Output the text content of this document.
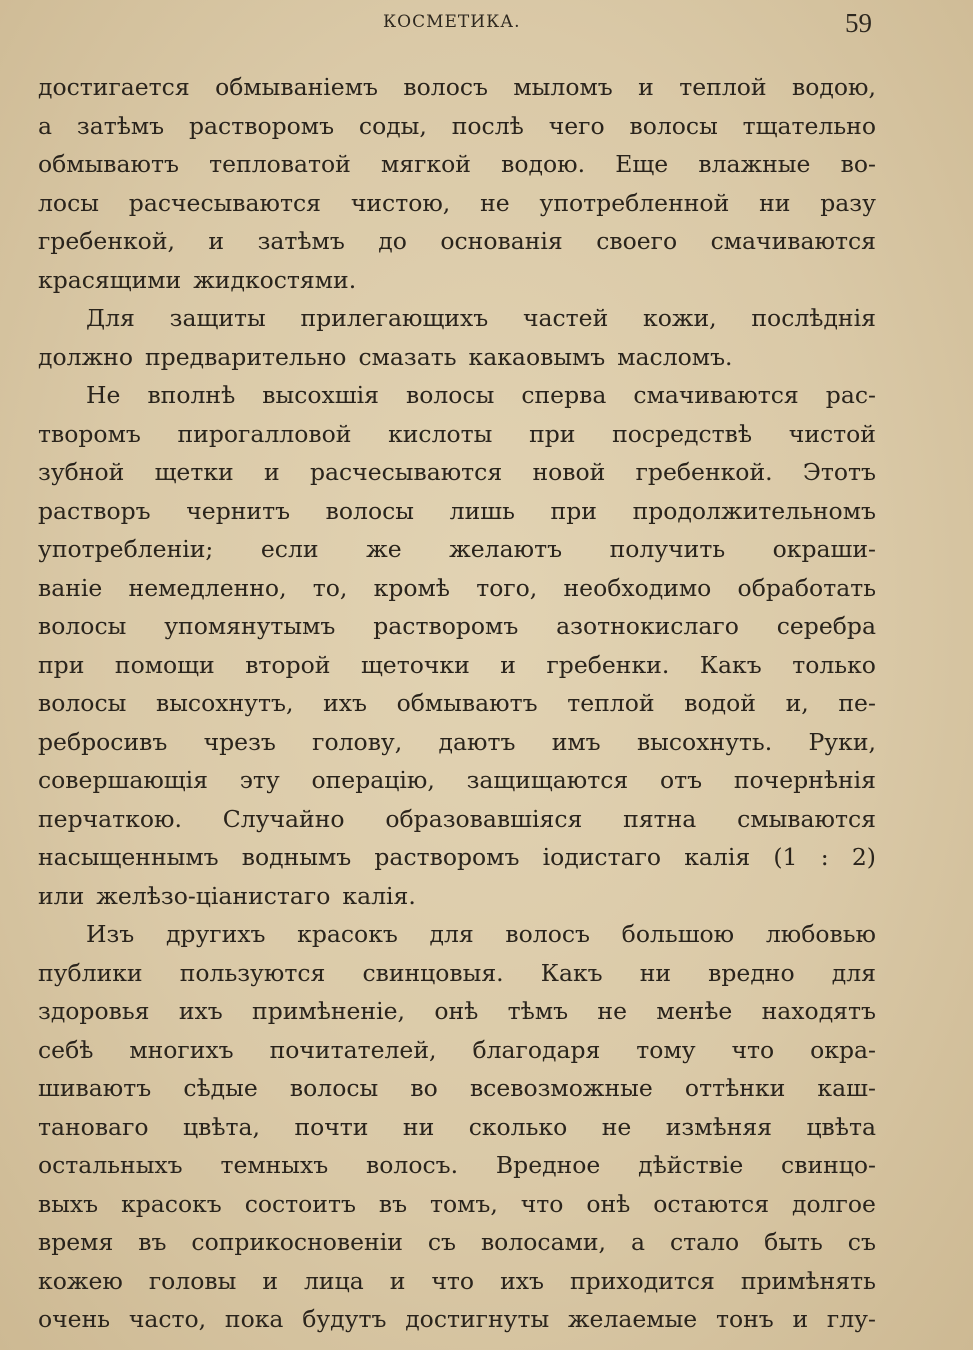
КОСМЕТИКА.	59
достигается обмываніемъ волосъ мыломъ и теплой водою,
а затѣмъ растворомъ соды, послѣ чего волосы тщательно
обмываютъ тепловатой мягкой водою. Еще влажные во-
лосы расчесываются чистою, не употребленной ни разу
гребенкой, и затѣмъ до основанія своего смачиваются
красящими жидкостями.
Для защиты прилегающихъ частей кожи, послѣднія
должно предварительно смазать какаовымъ масломъ.
Не вполнѣ высохшія волосы сперва смачиваются рас-
творомъ пирогалловой кислоты при посредствѣ чистой
зубной щетки и расчесываются новой гребенкой. Этотъ
растворъ чернитъ волосы лишь при продолжительномъ
употребленіи; если же желаютъ получить окраши-
ваніе немедленно, то, кромѣ того, необходимо обработать
волосы упомянутымъ растворомъ азотнокислаго серебра
при помощи второй щеточки и гребенки. Какъ только
волосы высохнутъ, ихъ обмываютъ теплой водой и, пе-
ребросивъ чрезъ голову, даютъ имъ высохнуть. Руки,
совершающія эту операцію, защищаются отъ почернѣнія
перчаткою. Случайно образовавшіяся пятна смываются
насыщеннымъ воднымъ растворомъ іодистаго калія (1 : 2)
или желѣзо-ціанистаго калія.
Изъ другихъ красокъ для волосъ большою любовью
публики пользуются свинцовыя. Какъ ни вредно для
здоровья ихъ примѣненіе, онѣ тѣмъ не менѣе находятъ
себѣ многихъ почитателей, благодаря тому что окра-
шиваютъ сѣдые волосы во всевозможные оттѣнки каш-
тановаго цвѣта, почти ни сколько не измѣняя цвѣта
остальныхъ темныхъ волосъ. Вредное дѣйствіе свинцо-
выхъ красокъ состоитъ въ томъ, что онѣ остаются долгое
время въ соприкосновеніи съ волосами, а стало быть съ
кожею головы и лица и что ихъ приходится примѣнять
очень часто, пока будутъ достигнуты желаемые тонъ и глу-
